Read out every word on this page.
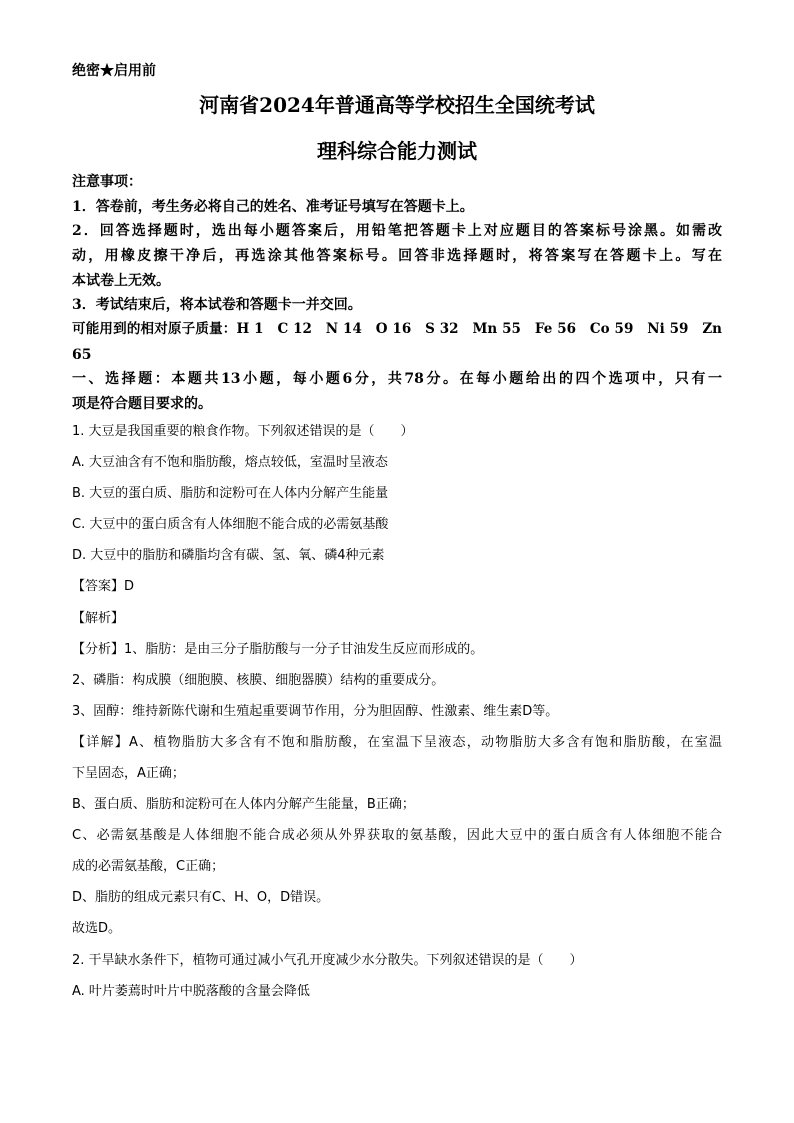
绝密★启用前
河南省2024年普通高等学校招生全国统考试
理科综合能力测试
注意事项：
1．答卷前，考生务必将自己的姓名、准考证号填写在答题卡上。
2．回答选择题时，选出每小题答案后，用铅笔把答题卡上对应题目的答案标号涂黑。如需改
动，用橡皮擦干净后，再选涂其他答案标号。回答非选择题时，将答案写在答题卡上。写在
本试卷上无效。
3．考试结束后，将本试卷和答题卡一并交回。
可能用到的相对原子质量：H 1　C 12　N 14　O 16　S 32　Mn 55　Fe 56　Co 59　Ni 59　Zn
65
一、选择题：本题共13小题，每小题6分，共78分。在每小题给出的四个选项中，只有一
项是符合题目要求的。
1. 大豆是我国重要的粮食作物。下列叙述错误的是（　　）
A. 大豆油含有不饱和脂肪酸，熔点较低，室温时呈液态
B. 大豆的蛋白质、脂肪和淀粉可在人体内分解产生能量
C. 大豆中的蛋白质含有人体细胞不能合成的必需氨基酸
D. 大豆中的脂肪和磷脂均含有碳、氢、氧、磷4种元素
【答案】D
【解析】
【分析】1、脂肪：是由三分子脂肪酸与一分子甘油发生反应而形成的。
2、磷脂：构成膜（细胞膜、核膜、细胞器膜）结构的重要成分。
3、固醇：维持新陈代谢和生殖起重要调节作用，分为胆固醇、性激素、维生素D等。
【详解】A、植物脂肪大多含有不饱和脂肪酸，在室温下呈液态，动物脂肪大多含有饱和脂肪酸，在室温
下呈固态，A正确；
B、蛋白质、脂肪和淀粉可在人体内分解产生能量，B正确；
C、必需氨基酸是人体细胞不能合成必须从外界获取的氨基酸，因此大豆中的蛋白质含有人体细胞不能合
成的必需氨基酸，C正确；
D、脂肪的组成元素只有C、H、O，D错误。
故选D。
2. 干旱缺水条件下，植物可通过减小气孔开度减少水分散失。下列叙述错误的是（　　）
A. 叶片萎蔫时叶片中脱落酸的含量会降低
